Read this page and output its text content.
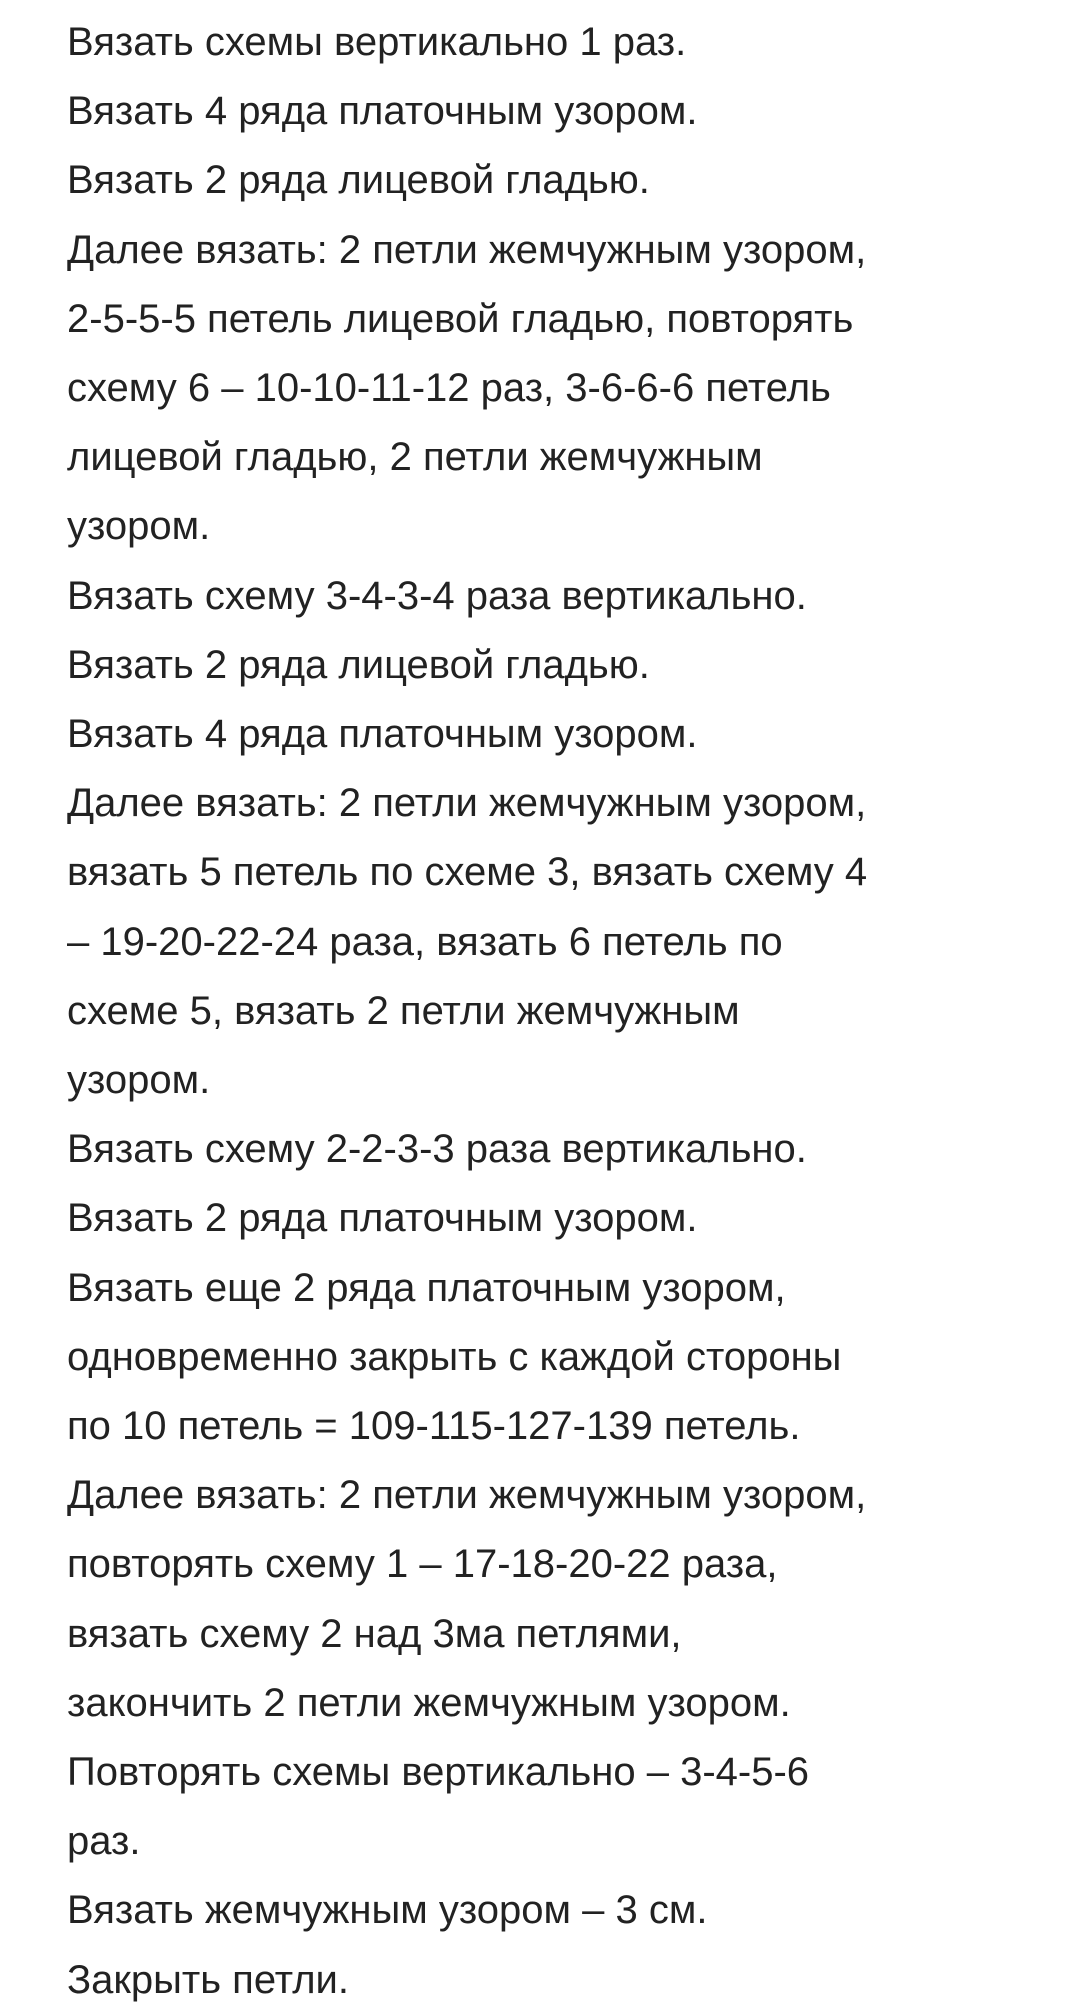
Вязать схемы вертикально 1 раз.
Вязать 4 ряда платочным узором.
Вязать 2 ряда лицевой гладью.
Далее вязать: 2 петли жемчужным узором,
2-5-5-5 петель лицевой гладью, повторять
схему 6 – 10-10-11-12 раз, 3-6-6-6 петель
лицевой гладью, 2 петли жемчужным
узором.
Вязать схему 3-4-3-4 раза вертикально.
Вязать 2 ряда лицевой гладью.
Вязать 4 ряда платочным узором.
Далее вязать: 2 петли жемчужным узором,
вязать 5 петель по схеме 3, вязать схему 4
– 19-20-22-24 раза, вязать 6 петель по
схеме 5, вязать 2 петли жемчужным
узором.
Вязать схему 2-2-3-3 раза вертикально.
Вязать 2 ряда платочным узором.
Вязать еще 2 ряда платочным узором,
одновременно закрыть с каждой стороны
по 10 петель = 109-115-127-139 петель.
Далее вязать: 2 петли жемчужным узором,
повторять схему 1 – 17-18-20-22 раза,
вязать схему 2 над 3ма петлями,
закончить 2 петли жемчужным узором.
Повторять схемы вертикально – 3-4-5-6
раз.
Вязать жемчужным узором – 3 см.
Закрыть петли.
